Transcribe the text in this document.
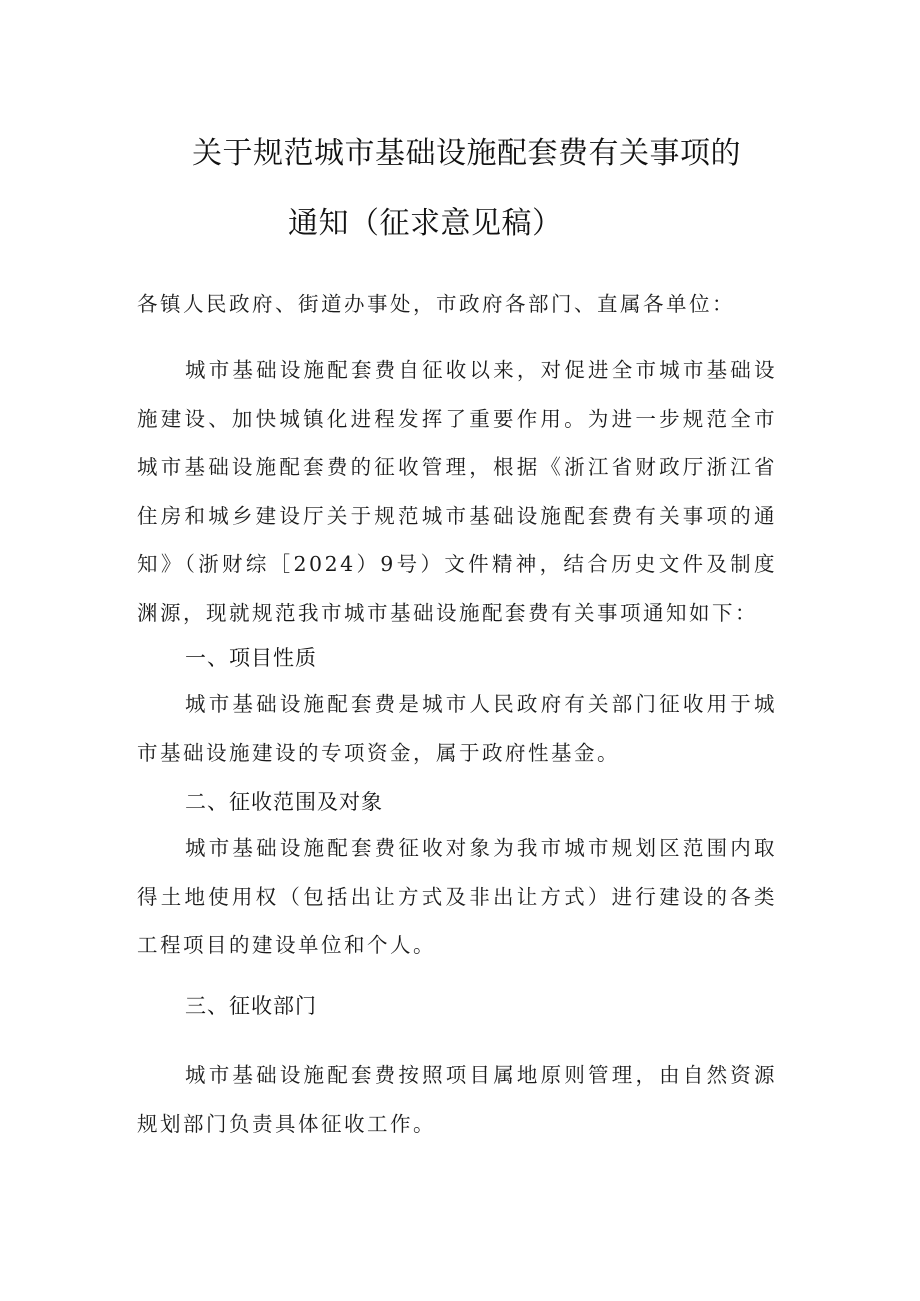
关于规范城市基础设施配套费有关事项的
通知（征求意见稿）
各镇人民政府、街道办事处，市政府各部门、直属各单位：
城市基础设施配套费自征收以来，对促进全市城市基础设施建设、加快城镇化进程发挥了重要作用。为进一步规范全市城市基础设施配套费的征收管理，根据《浙江省财政厅浙江省住房和城乡建设厅关于规范城市基础设施配套费有关事项的通知》（浙财综［2024）9号）文件精神，结合历史文件及制度渊源，现就规范我市城市基础设施配套费有关事项通知如下：
一、项目性质
城市基础设施配套费是城市人民政府有关部门征收用于城市基础设施建设的专项资金，属于政府性基金。
二、征收范围及对象
城市基础设施配套费征收对象为我市城市规划区范围内取得土地使用权（包括出让方式及非出让方式）进行建设的各类工程项目的建设单位和个人。
三、征收部门
城市基础设施配套费按照项目属地原则管理，由自然资源规划部门负责具体征收工作。
